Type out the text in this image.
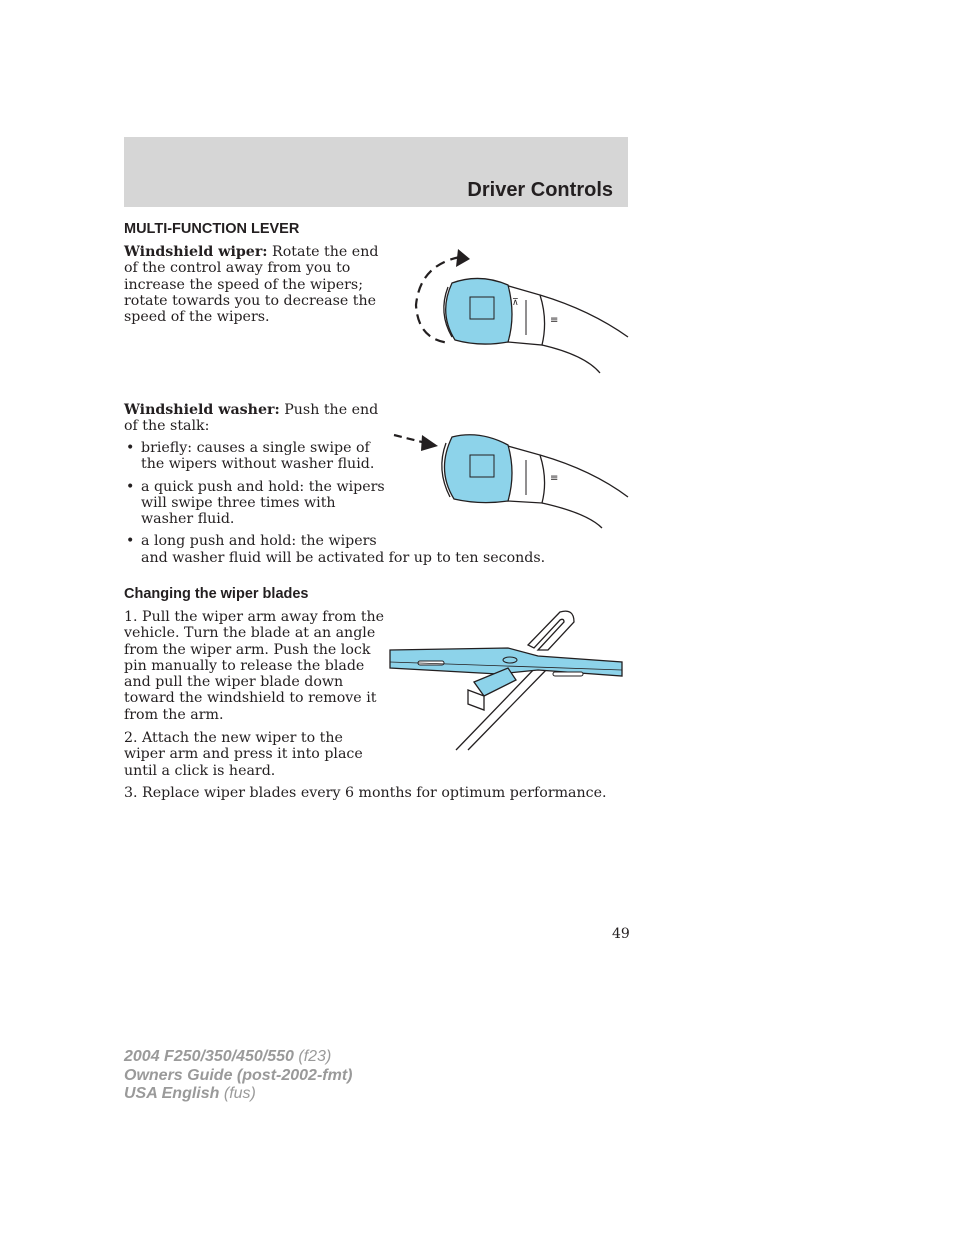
Driver Controls
MULTI-FUNCTION LEVER
Windshield wiper: Rotate the end
of the control away from you to
increase the speed of the wipers;
rotate towards you to decrease the
speed of the wipers.
⊼
≡
Windshield washer: Push the end
of the stalk:
• briefly: causes a single swipe of
the wipers without washer fluid.
• a quick push and hold: the wipers
will swipe three times with
washer fluid.
• a long push and hold: the wipers
and washer fluid will be activated for up to ten seconds.
≡
Changing the wiper blades
1. Pull the wiper arm away from the
vehicle. Turn the blade at an angle
from the wiper arm. Push the lock
pin manually to release the blade
and pull the wiper blade down
toward the windshield to remove it
from the arm.
2. Attach the new wiper to the
wiper arm and press it into place
until a click is heard.
3. Replace wiper blades every 6 months for optimum performance.
49
2004 F250/350/450/550 (f23)
Owners Guide (post-2002-fmt)
USA English (fus)
